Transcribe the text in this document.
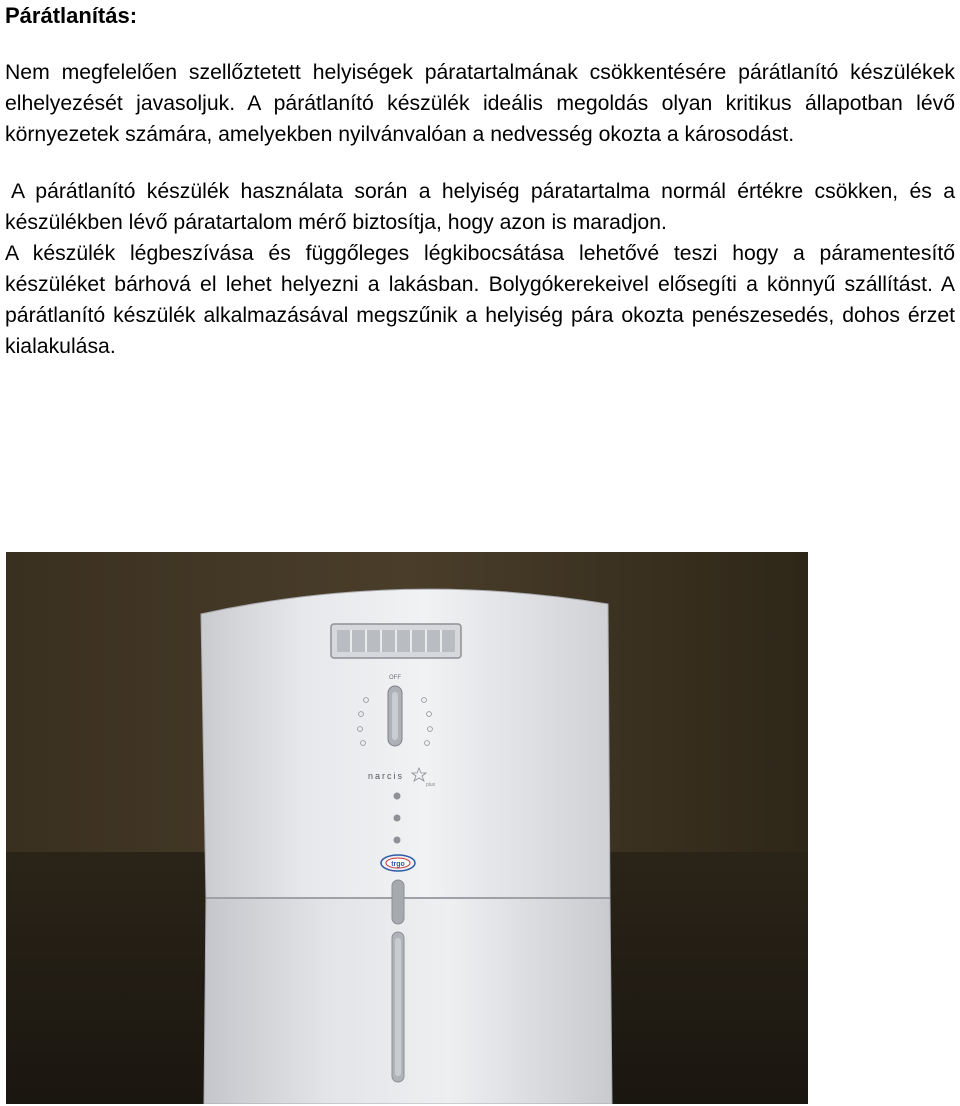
Párátlanítás:

Nem megfelelően szellőztetett helyiségek páratartalmának csökkentésére párátlanító készülékek elhelyezését javasoljuk. A párátlanító készülék ideális megoldás olyan kritikus állapotban lévő környezetek számára, amelyekben nyilvánvalóan a nedvesség okozta a károsodást.

A párátlanító készülék használata során a helyiség páratartalma normál értékre csökken, és a készülékben lévő páratartalom mérő biztosítja, hogy azon is maradjon.

A készülék légbeszívása és függőleges légkibocsátása lehetővé teszi hogy a páramentesítő készüléket bárhová el lehet helyezni a lakásban. Bolygókerekeivel elősegíti a könnyű szállítást. A párátlanító készülék alkalmazásával megszűnik a helyiség pára okozta penészesedés, dohos érzet kialakulása.

OFF
narcis
plus
trgo
